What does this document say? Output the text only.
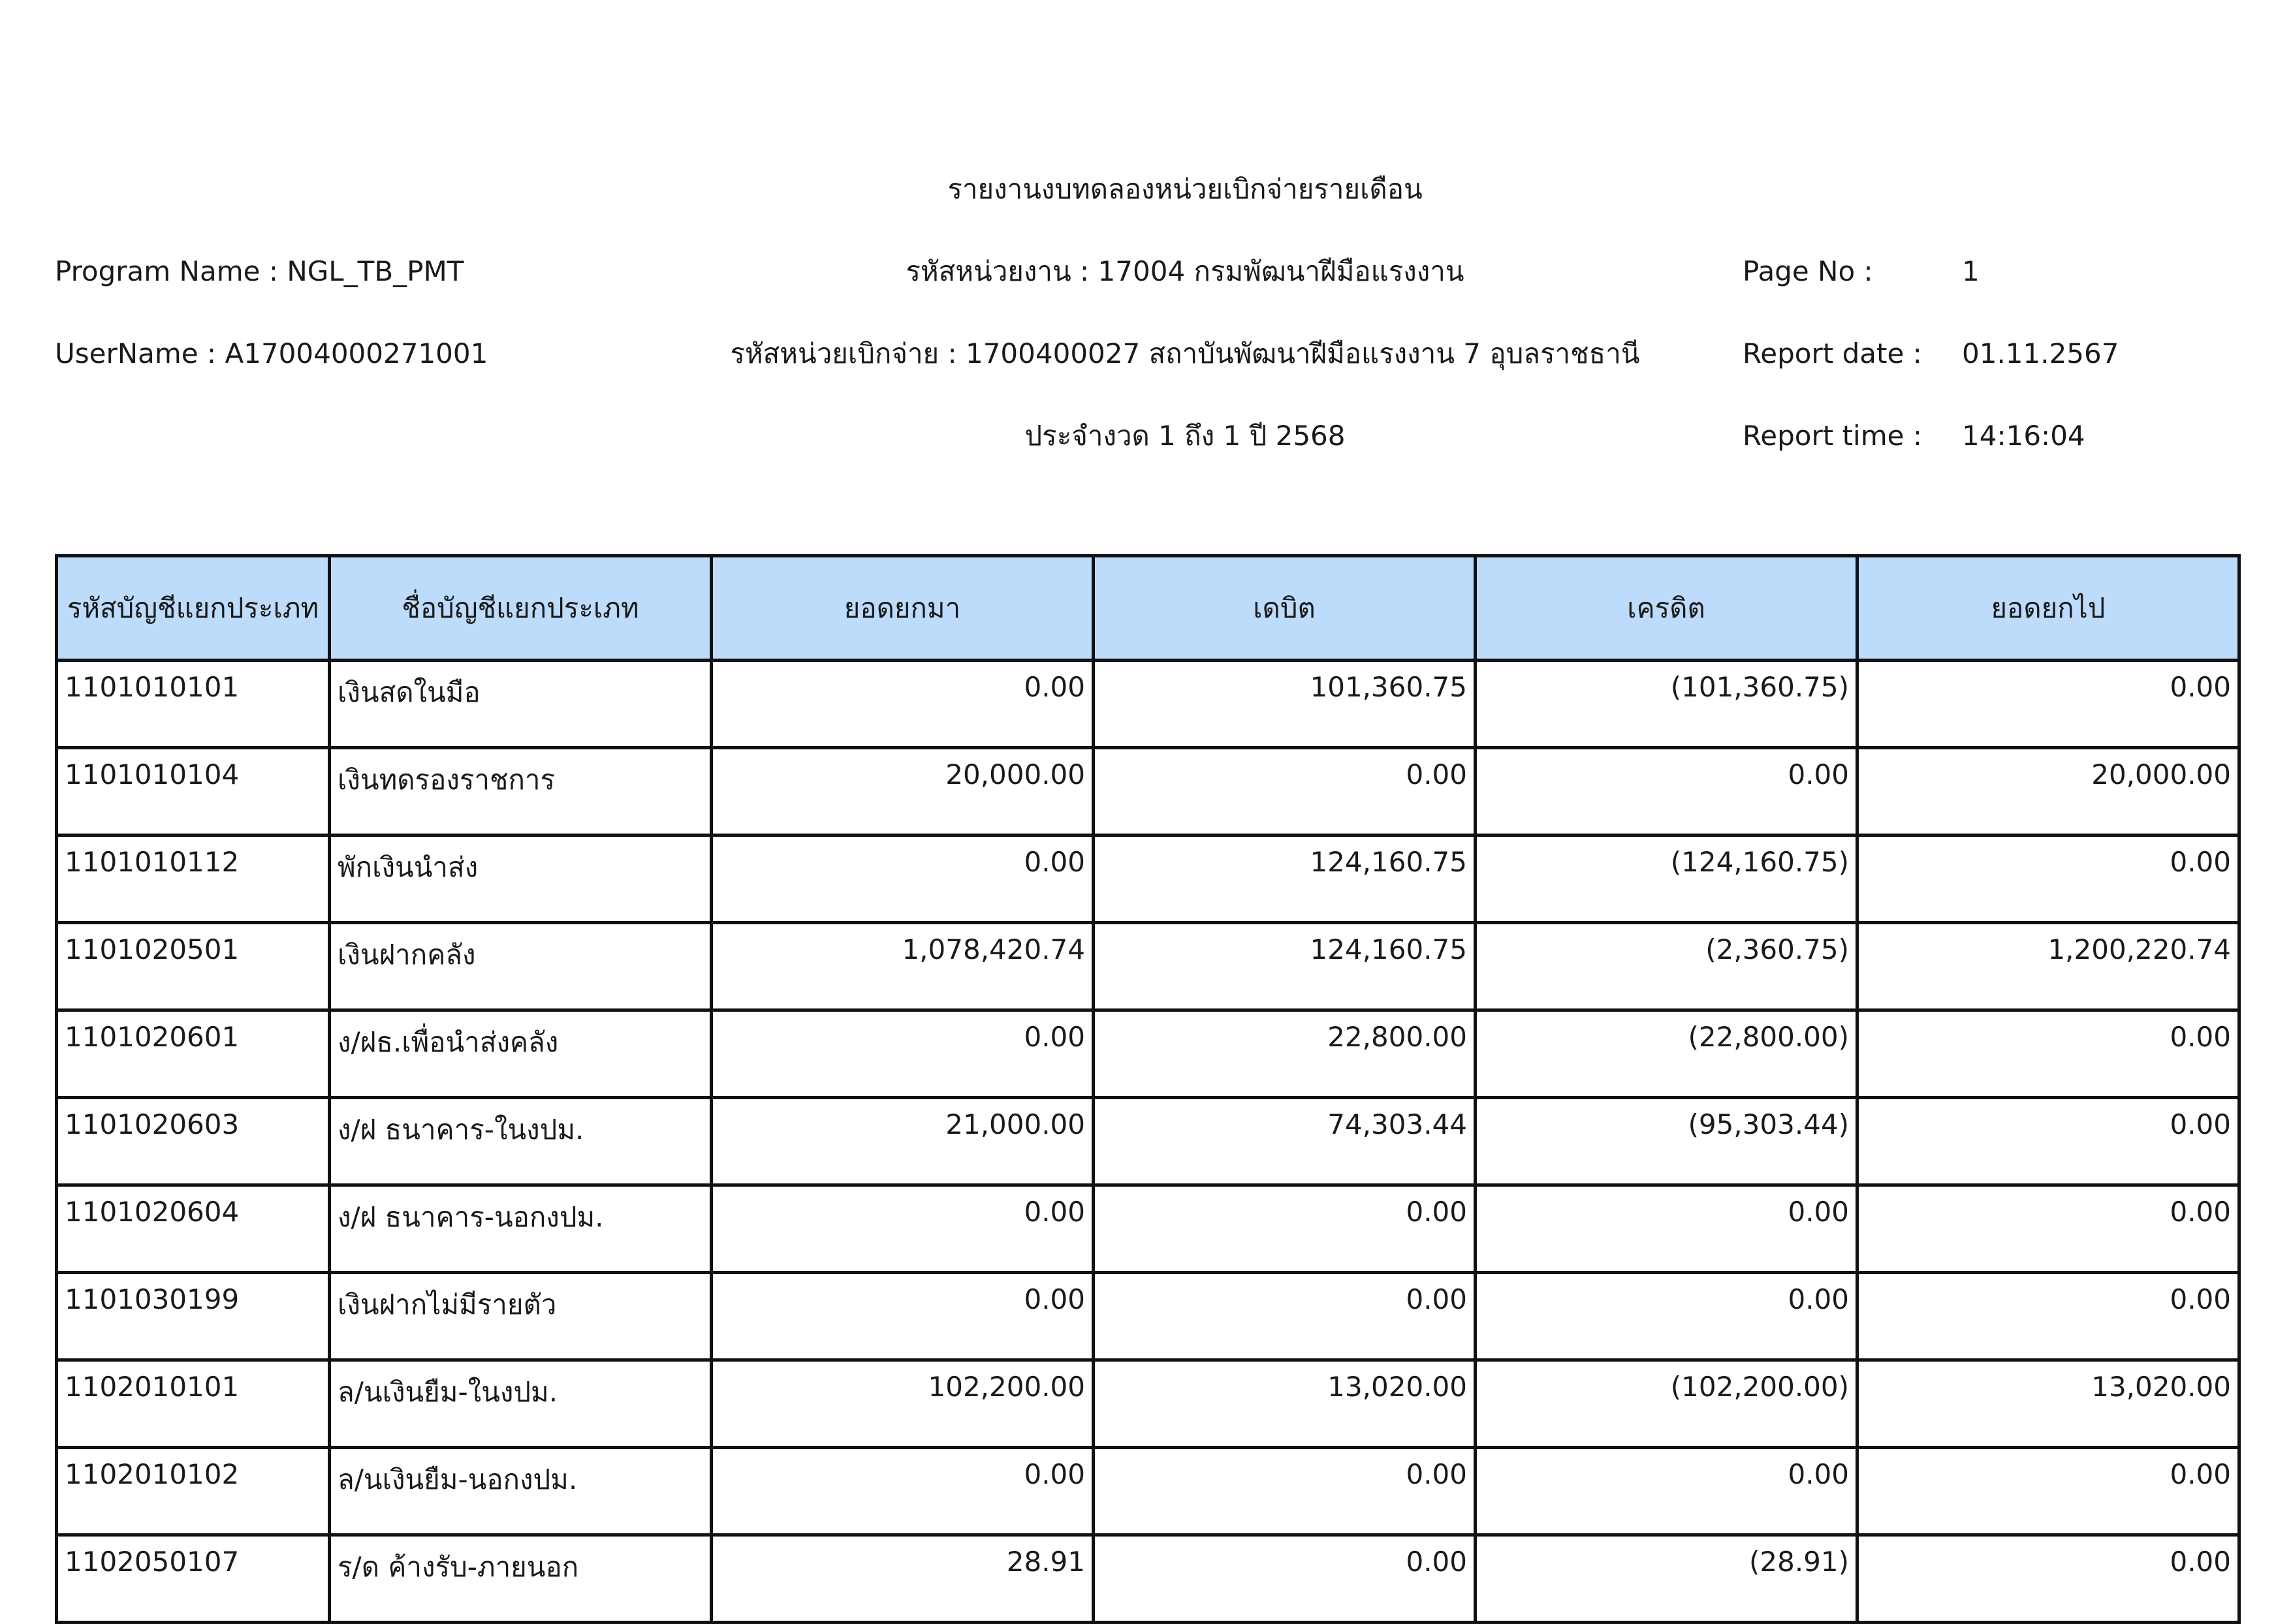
รายงานงบทดลองหน่วยเบิกจ่ายรายเดือน
Program Name : NGL_TB_PMT	รหัสหน่วยงาน : 17004 กรมพัฒนาฝีมือแรงงาน	Page No :	1
UserName : A17004000271001	รหัสหน่วยเบิกจ่าย : 1700400027 สถาบันพัฒนาฝีมือแรงงาน 7 อุบลราชธานี	Report date : 01.11.2567
ประจำงวด 1 ถึง 1 ปี 2568	Report time : 14:16:04
รหัสบัญชีแยกประเภท	ชื่อบัญชีแยกประเภท	ยอดยกมา	เดบิต	เครดิต	ยอดยกไป
1101010101	เงินสดในมือ	0.00	101,360.75	(101,360.75)	0.00
1101010104	เงินทดรองราชการ	20,000.00	0.00	0.00	20,000.00
1101010112	พักเงินนำส่ง	0.00	124,160.75	(124,160.75)	0.00
1101020501	เงินฝากคลัง	1,078,420.74	124,160.75	(2,360.75)	1,200,220.74
1101020601	ง/ฝธ.เพื่อนำส่งคลัง	0.00	22,800.00	(22,800.00)	0.00
1101020603	ง/ฝ ธนาคาร-ในงปม.	21,000.00	74,303.44	(95,303.44)	0.00
1101020604	ง/ฝ ธนาคาร-นอกงปม.	0.00	0.00	0.00	0.00
1101030199	เงินฝากไม่มีรายตัว	0.00	0.00	0.00	0.00
1102010101	ล/นเงินยืม-ในงปม.	102,200.00	13,020.00	(102,200.00)	13,020.00
1102010102	ล/นเงินยืม-นอกงปม.	0.00	0.00	0.00	0.00
1102050107	ร/ด ค้างรับ-ภายนอก	28.91	0.00	(28.91)	0.00
